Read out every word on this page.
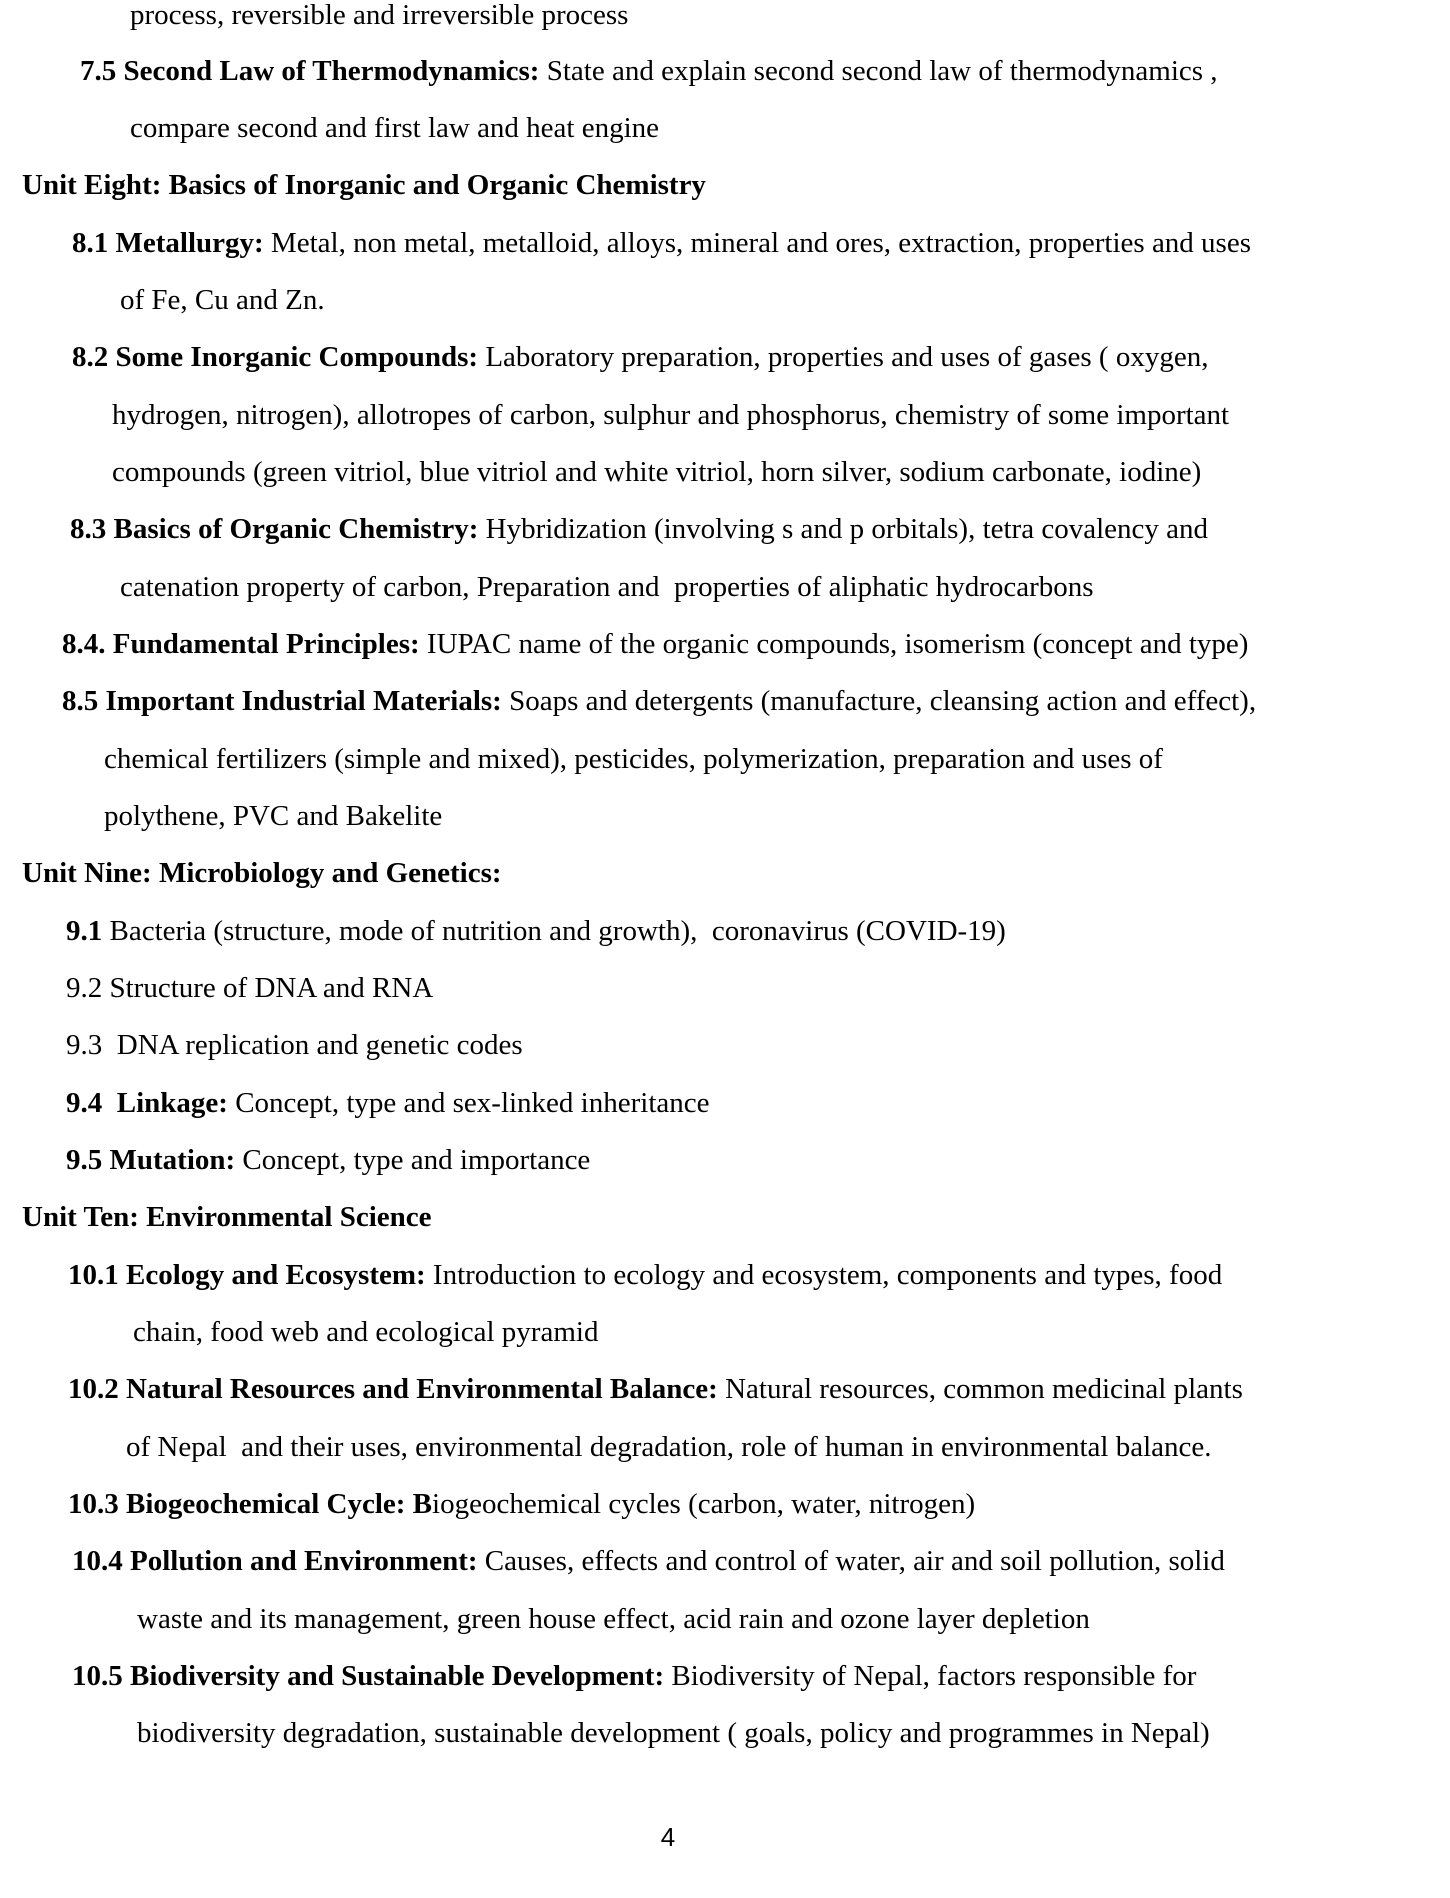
process, reversible and irreversible process

7.5 Second Law of Thermodynamics: State and explain second second law of thermodynamics ,

compare second and first law and heat engine

Unit Eight: Basics of Inorganic and Organic Chemistry

8.1 Metallurgy: Metal, non metal, metalloid, alloys, mineral and ores, extraction, properties and uses

of Fe, Cu and Zn.

8.2 Some Inorganic Compounds: Laboratory preparation, properties and uses of gases ( oxygen,

hydrogen, nitrogen), allotropes of carbon, sulphur and phosphorus, chemistry of some important

compounds (green vitriol, blue vitriol and white vitriol, horn silver, sodium carbonate, iodine)

8.3 Basics of Organic Chemistry: Hybridization (involving s and p orbitals), tetra covalency and

catenation property of carbon, Preparation and  properties of aliphatic hydrocarbons

8.4. Fundamental Principles: IUPAC name of the organic compounds, isomerism (concept and type)

8.5 Important Industrial Materials: Soaps and detergents (manufacture, cleansing action and effect),

chemical fertilizers (simple and mixed), pesticides, polymerization, preparation and uses of

polythene, PVC and Bakelite

Unit Nine: Microbiology and Genetics:

9.1 Bacteria (structure, mode of nutrition and growth),  coronavirus (COVID-19)

9.2 Structure of DNA and RNA

9.3  DNA replication and genetic codes

9.4  Linkage: Concept, type and sex-linked inheritance

9.5 Mutation: Concept, type and importance

Unit Ten: Environmental Science

10.1 Ecology and Ecosystem: Introduction to ecology and ecosystem, components and types, food

chain, food web and ecological pyramid

10.2 Natural Resources and Environmental Balance: Natural resources, common medicinal plants

of Nepal  and their uses, environmental degradation, role of human in environmental balance.

10.3 Biogeochemical Cycle: Biogeochemical cycles (carbon, water, nitrogen)

10.4 Pollution and Environment: Causes, effects and control of water, air and soil pollution, solid

waste and its management, green house effect, acid rain and ozone layer depletion

10.5 Biodiversity and Sustainable Development: Biodiversity of Nepal, factors responsible for

biodiversity degradation, sustainable development ( goals, policy and programmes in Nepal)

4
